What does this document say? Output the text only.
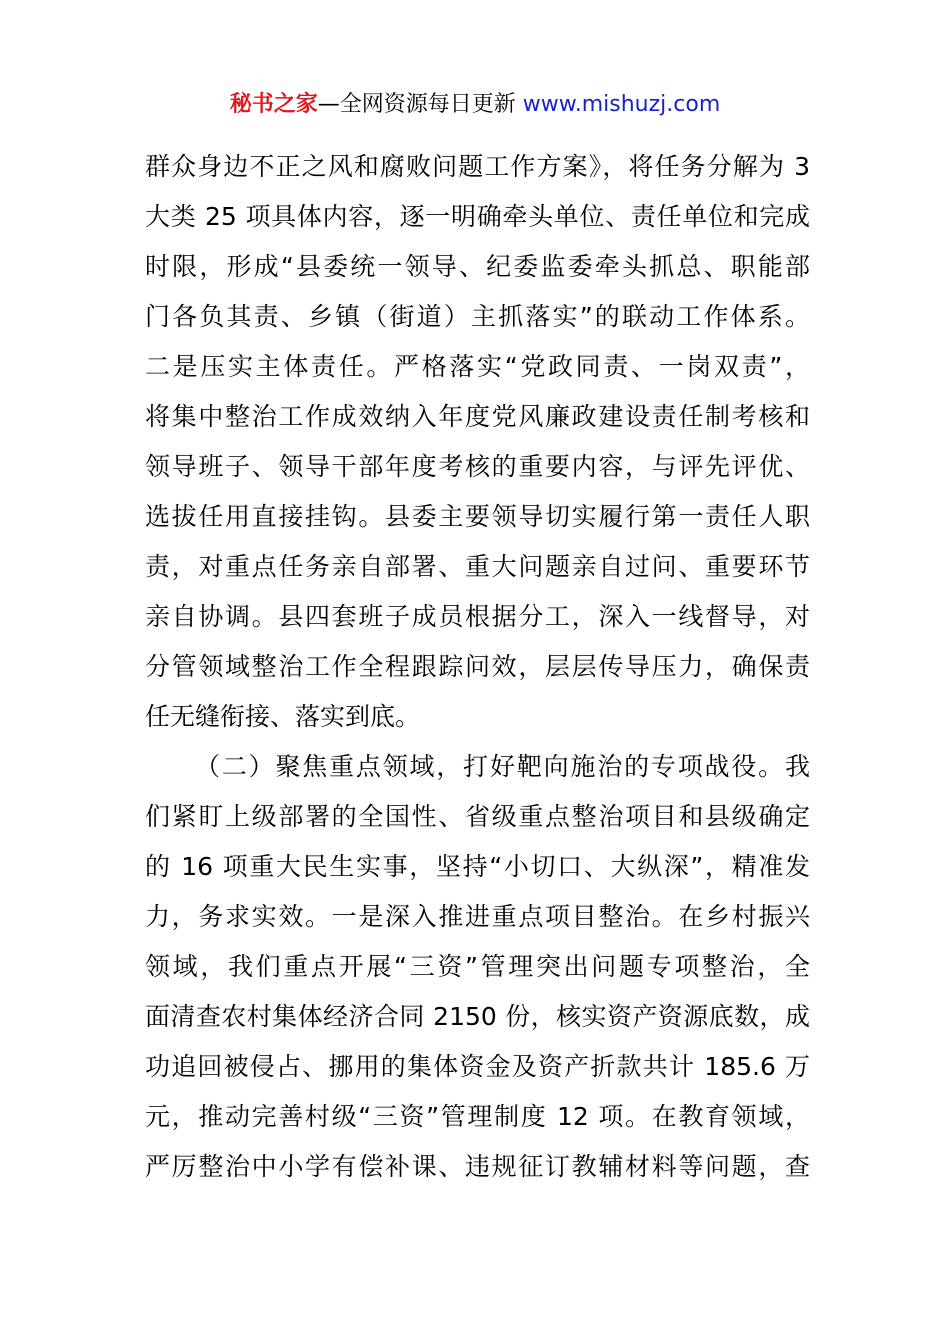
秘书之家—全网资源每日更新 www.mishuzj.com
群众身边不正之风和腐败问题工作方案》，将任务分解为 3
大类 25 项具体内容，逐一明确牵头单位、责任单位和完成
时限，形成“县委统一领导、纪委监委牵头抓总、职能部
门各负其责、乡镇（街道）主抓落实”的联动工作体系。
二是压实主体责任。严格落实“党政同责、一岗双责”，
将集中整治工作成效纳入年度党风廉政建设责任制考核和
领导班子、领导干部年度考核的重要内容，与评先评优、
选拔任用直接挂钩。县委主要领导切实履行第一责任人职
责，对重点任务亲自部署、重大问题亲自过问、重要环节
亲自协调。县四套班子成员根据分工，深入一线督导，对
分管领域整治工作全程跟踪问效，层层传导压力，确保责
任无缝衔接、落实到底。
（二）聚焦重点领域，打好靶向施治的专项战役。我
们紧盯上级部署的全国性、省级重点整治项目和县级确定
的 16 项重大民生实事，坚持“小切口、大纵深”，精准发
力，务求实效。一是深入推进重点项目整治。在乡村振兴
领域，我们重点开展“三资”管理突出问题专项整治，全
面清查农村集体经济合同 2150 份，核实资产资源底数，成
功追回被侵占、挪用的集体资金及资产折款共计 185.6 万
元，推动完善村级“三资”管理制度 12 项。在教育领域，
严厉整治中小学有偿补课、违规征订教辅材料等问题，查
